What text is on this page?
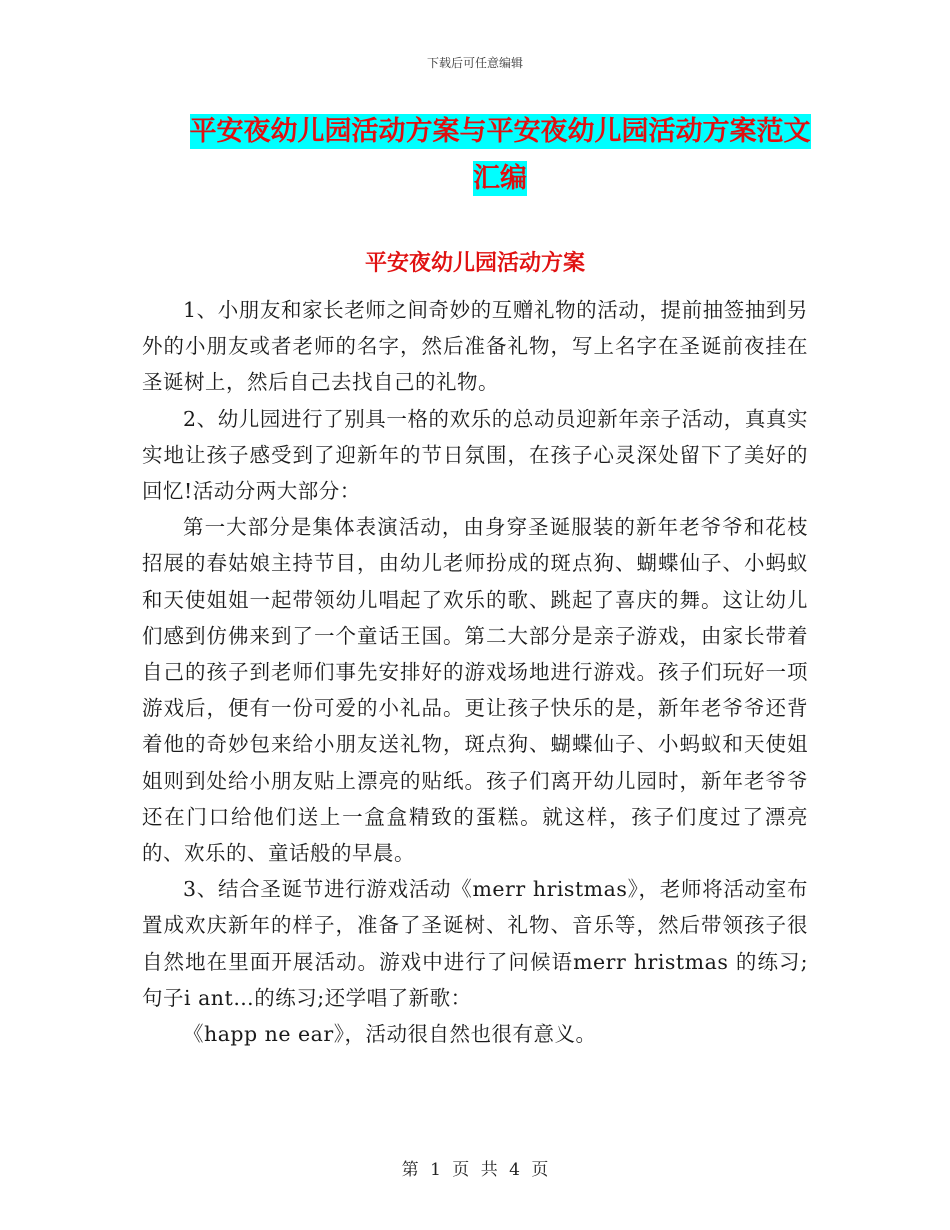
下载后可任意编辑
平安夜幼儿园活动方案与平安夜幼儿园活动方案范文
汇编
平安夜幼儿园活动方案

1、小朋友和家长老师之间奇妙的互赠礼物的活动，提前抽签抽到另外的小朋友或者老师的名字，然后准备礼物，写上名字在圣诞前夜挂在圣诞树上，然后自己去找自己的礼物。

2、幼儿园进行了别具一格的欢乐的总动员迎新年亲子活动，真真实实地让孩子感受到了迎新年的节日氛围，在孩子心灵深处留下了美好的回忆!活动分两大部分：

第一大部分是集体表演活动，由身穿圣诞服装的新年老爷爷和花枝招展的春姑娘主持节目，由幼儿老师扮成的斑点狗、蝴蝶仙子、小蚂蚁和天使姐姐一起带领幼儿唱起了欢乐的歌、跳起了喜庆的舞。这让幼儿们感到仿佛来到了一个童话王国。第二大部分是亲子游戏，由家长带着自己的孩子到老师们事先安排好的游戏场地进行游戏。孩子们玩好一项游戏后，便有一份可爱的小礼品。更让孩子快乐的是，新年老爷爷还背着他的奇妙包来给小朋友送礼物，斑点狗、蝴蝶仙子、小蚂蚁和天使姐姐则到处给小朋友贴上漂亮的贴纸。孩子们离开幼儿园时，新年老爷爷还在门口给他们送上一盒盒精致的蛋糕。就这样，孩子们度过了漂亮的、欢乐的、童话般的早晨。

3、结合圣诞节进行游戏活动《merr hristmas》，老师将活动室布置成欢庆新年的样子，准备了圣诞树、礼物、音乐等，然后带领孩子很自然地在里面开展活动。游戏中进行了问候语merr hristmas 的练习;句子i ant…的练习;还学唱了新歌：

《happ ne ear》，活动很自然也很有意义。

第 1 页 共 4 页
